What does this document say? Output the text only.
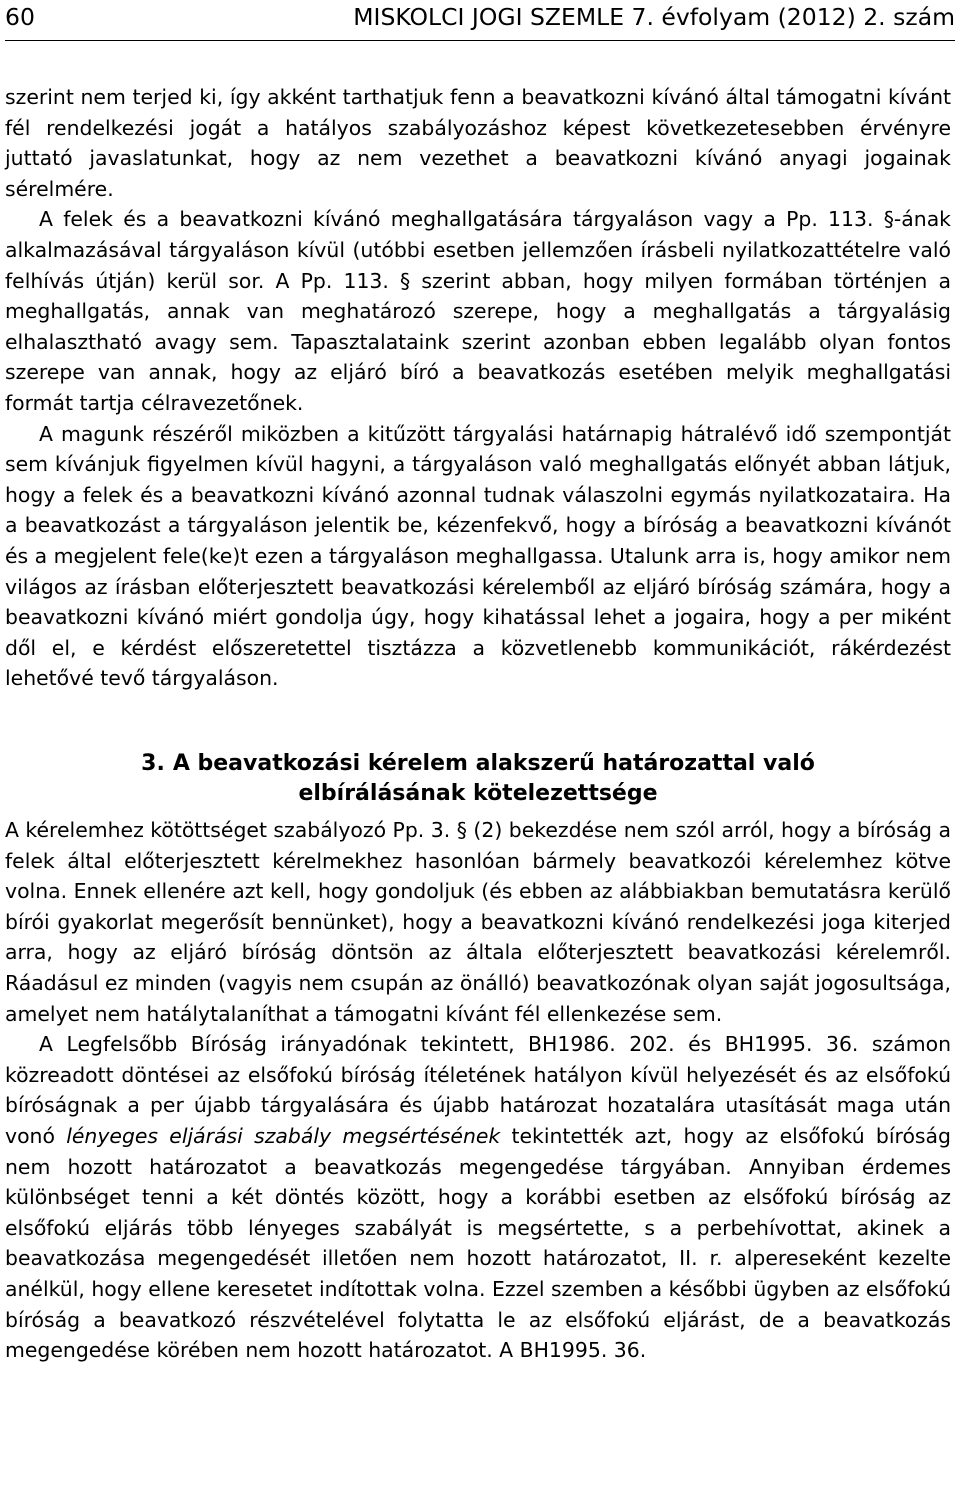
60	MISKOLCI JOGI SZEMLE 7. évfolyam (2012) 2. szám

szerint nem terjed ki, így akként tarthatjuk fenn a beavatkozni kívánó által támogatni kívánt fél rendelkezési jogát a hatályos szabályozáshoz képest következetesebben érvényre juttató javaslatunkat, hogy az nem vezethet a beavatkozni kívánó anyagi jogainak sérelmére.

A felek és a beavatkozni kívánó meghallgatására tárgyaláson vagy a Pp. 113. §-ának alkalmazásával tárgyaláson kívül (utóbbi esetben jellemzően írásbeli nyilatkozattételre való felhívás útján) kerül sor. A Pp. 113. § szerint abban, hogy milyen formában történjen a meghallgatás, annak van meghatározó szerepe, hogy a meghallgatás a tárgyalásig elhalasztható avagy sem. Tapasztalataink szerint azonban ebben legalább olyan fontos szerepe van annak, hogy az eljáró bíró a beavatkozás esetében melyik meghallgatási formát tartja célravezetőnek.

A magunk részéről miközben a kitűzött tárgyalási határnapig hátralévő idő szempontját sem kívánjuk figyelmen kívül hagyni, a tárgyaláson való meghallgatás előnyét abban látjuk, hogy a felek és a beavatkozni kívánó azonnal tudnak válaszolni egymás nyilatkozataira. Ha a beavatkozást a tárgyaláson jelentik be, kézenfekvő, hogy a bíróság a beavatkozni kívánót és a megjelent fele(ke)t ezen a tárgyaláson meghallgassa. Utalunk arra is, hogy amikor nem világos az írásban előterjesztett beavatkozási kérelemből az eljáró bíróság számára, hogy a beavatkozni kívánó miért gondolja úgy, hogy kihatással lehet a jogaira, hogy a per miként dől el, e kérdést előszeretettel tisztázza a közvetlenebb kommunikációt, rákérdezést lehetővé tevő tárgyaláson.

3. A beavatkozási kérelem alakszerű határozattal való elbírálásának kötelezettsége

A kérelemhez kötöttséget szabályozó Pp. 3. § (2) bekezdése nem szól arról, hogy a bíróság a felek által előterjesztett kérelmekhez hasonlóan bármely beavatkozói kérelemhez kötve volna. Ennek ellenére azt kell, hogy gondoljuk (és ebben az alábbiakban bemutatásra kerülő bírói gyakorlat megerősít bennünket), hogy a beavatkozni kívánó rendelkezési joga kiterjed arra, hogy az eljáró bíróság döntsön az általa előterjesztett beavatkozási kérelemről. Ráadásul ez minden (vagyis nem csupán az önálló) beavatkozónak olyan saját jogosultsága, amelyet nem hatálytalaníthat a támogatni kívánt fél ellenkezése sem.

A Legfelsőbb Bíróság irányadónak tekintett, BH1986. 202. és BH1995. 36. számon közreadott döntései az elsőfokú bíróság ítéletének hatályon kívül helyezését és az elsőfokú bíróságnak a per újabb tárgyalására és újabb határozat hozatalára utasítását maga után vonó lényeges eljárási szabály megsértésének tekintették azt, hogy az elsőfokú bíróság nem hozott határozatot a beavatkozás megengedése tárgyában. Annyiban érdemes különbséget tenni a két döntés között, hogy a korábbi esetben az elsőfokú bíróság az elsőfokú eljárás több lényeges szabályát is megsértette, s a perbehívottat, akinek a beavatkozása megengedését illetően nem hozott határozatot, II. r. alpereseként kezelte anélkül, hogy ellene keresetet indítottak volna. Ezzel szemben a későbbi ügyben az elsőfokú bíróság a beavatkozó részvételével folytatta le az elsőfokú eljárást, de a beavatkozás megengedése körében nem hozott határozatot. A BH1995. 36.
